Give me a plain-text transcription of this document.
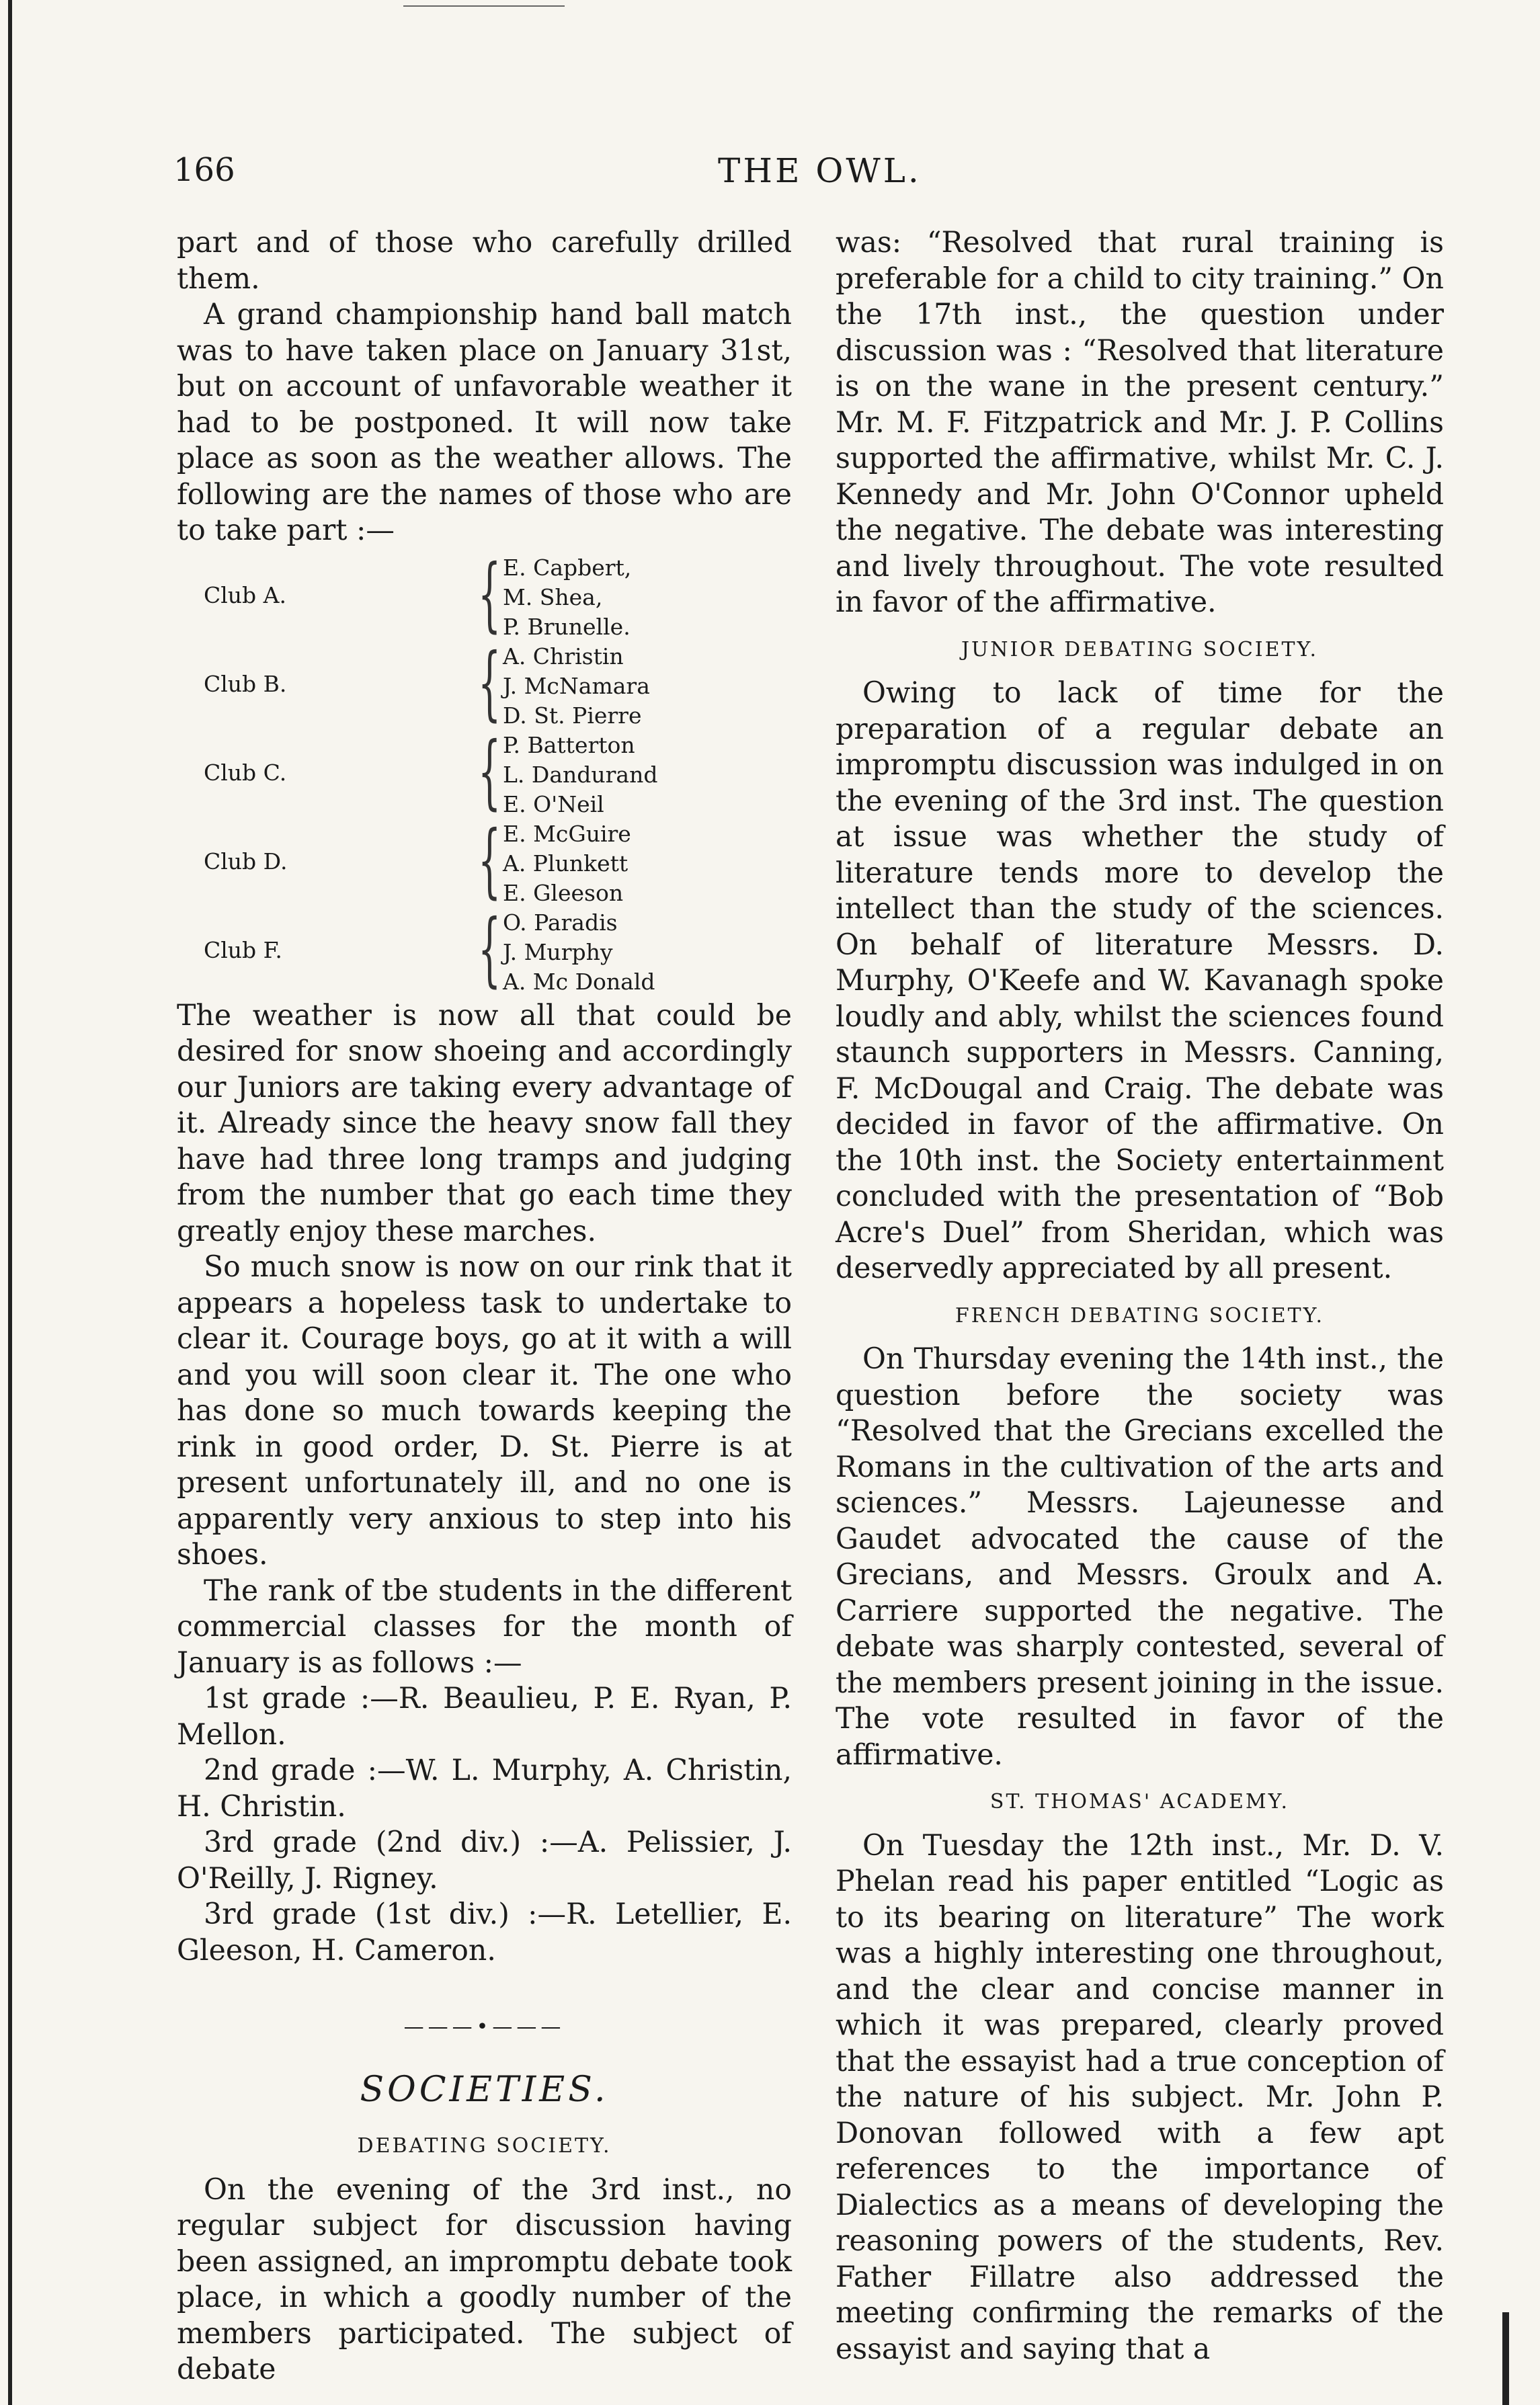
166	THE OWL.

part and of those who carefully drilled them.

A grand championship hand ball match was to have taken place on January 31st, but on account of unfavorable weather it had to be postponed. It will now take place as soon as the weather allows. The following are the names of those who are to take part :—

Club A. { E. Capbert,
M. Shea,
P. Brunelle.
Club B. { A. Christin
J. McNamara
D. St. Pierre
Club C. { P. Batterton
L. Dandurand
E. O'Neil
Club D. { E. McGuire
A. Plunkett
E. Gleeson
Club F. { O. Paradis
J. Murphy
A. Mc Donald

The weather is now all that could be desired for snow shoeing and accordingly our Juniors are taking every advantage of it. Already since the heavy snow fall they have had three long tramps and judging from the number that go each time they greatly enjoy these marches.

So much snow is now on our rink that it appears a hopeless task to undertake to clear it. Courage boys, go at it with a will and you will soon clear it. The one who has done so much towards keeping the rink in good order, D. St. Pierre is at present unfortunately ill, and no one is apparently very anxious to step into his shoes.

The rank of tbe students in the different commercial classes for the month of January is as follows :—

1st grade :—R. Beaulieu, P. E. Ryan, P. Mellon.

2nd grade :—W. L. Murphy, A. Christin, H. Christin.

3rd grade (2nd div.) :—A. Pelissier, J. O'Reilly, J. Rigney.

3rd grade (1st div.) :—R. Letellier, E. Gleeson, H. Cameron.

———•———
SOCIETIES.
DEBATING SOCIETY.

On the evening of the 3rd inst., no regular subject for discussion having been assigned, an impromptu debate took place, in which a goodly number of the members participated. The subject of debate

was: “Resolved that rural training is preferable for a child to city training.” On the 17th inst., the question under discussion was : “Resolved that literature is on the wane in the present century.” Mr. M. F. Fitzpatrick and Mr. J. P. Collins supported the affirmative, whilst Mr. C. J. Kennedy and Mr. John O'Connor upheld the negative. The debate was interesting and lively throughout. The vote resulted in favor of the affirmative.

JUNIOR DEBATING SOCIETY.

Owing to lack of time for the preparation of a regular debate an impromptu discussion was indulged in on the evening of the 3rd inst. The question at issue was whether the study of literature tends more to develop the intellect than the study of the sciences. On behalf of literature Messrs. D. Murphy, O'Keefe and W. Kavanagh spoke loudly and ably, whilst the sciences found staunch supporters in Messrs. Canning, F. McDougal and Craig. The debate was decided in favor of the affirmative. On the 10th inst. the Society entertainment concluded with the presentation of “Bob Acre's Duel” from Sheridan, which was deservedly appreciated by all present.

FRENCH DEBATING SOCIETY.

On Thursday evening the 14th inst., the question before the society was “Resolved that the Grecians excelled the Romans in the cultivation of the arts and sciences.” Messrs. Lajeunesse and Gaudet advocated the cause of the Grecians, and Messrs. Groulx and A. Carriere supported the negative. The debate was sharply contested, several of the members present joining in the issue. The vote resulted in favor of the affirmative.

ST. THOMAS' ACADEMY.

On Tuesday the 12th inst., Mr. D. V. Phelan read his paper entitled “Logic as to its bearing on literature” The work was a highly interesting one throughout, and the clear and concise manner in which it was prepared, clearly proved that the essayist had a true conception of the nature of his subject. Mr. John P. Donovan followed with a few apt references to the importance of Dialectics as a means of developing the reasoning powers of the students, Rev. Father Fillatre also addressed the meeting confirming the remarks of the essayist and saying that a
